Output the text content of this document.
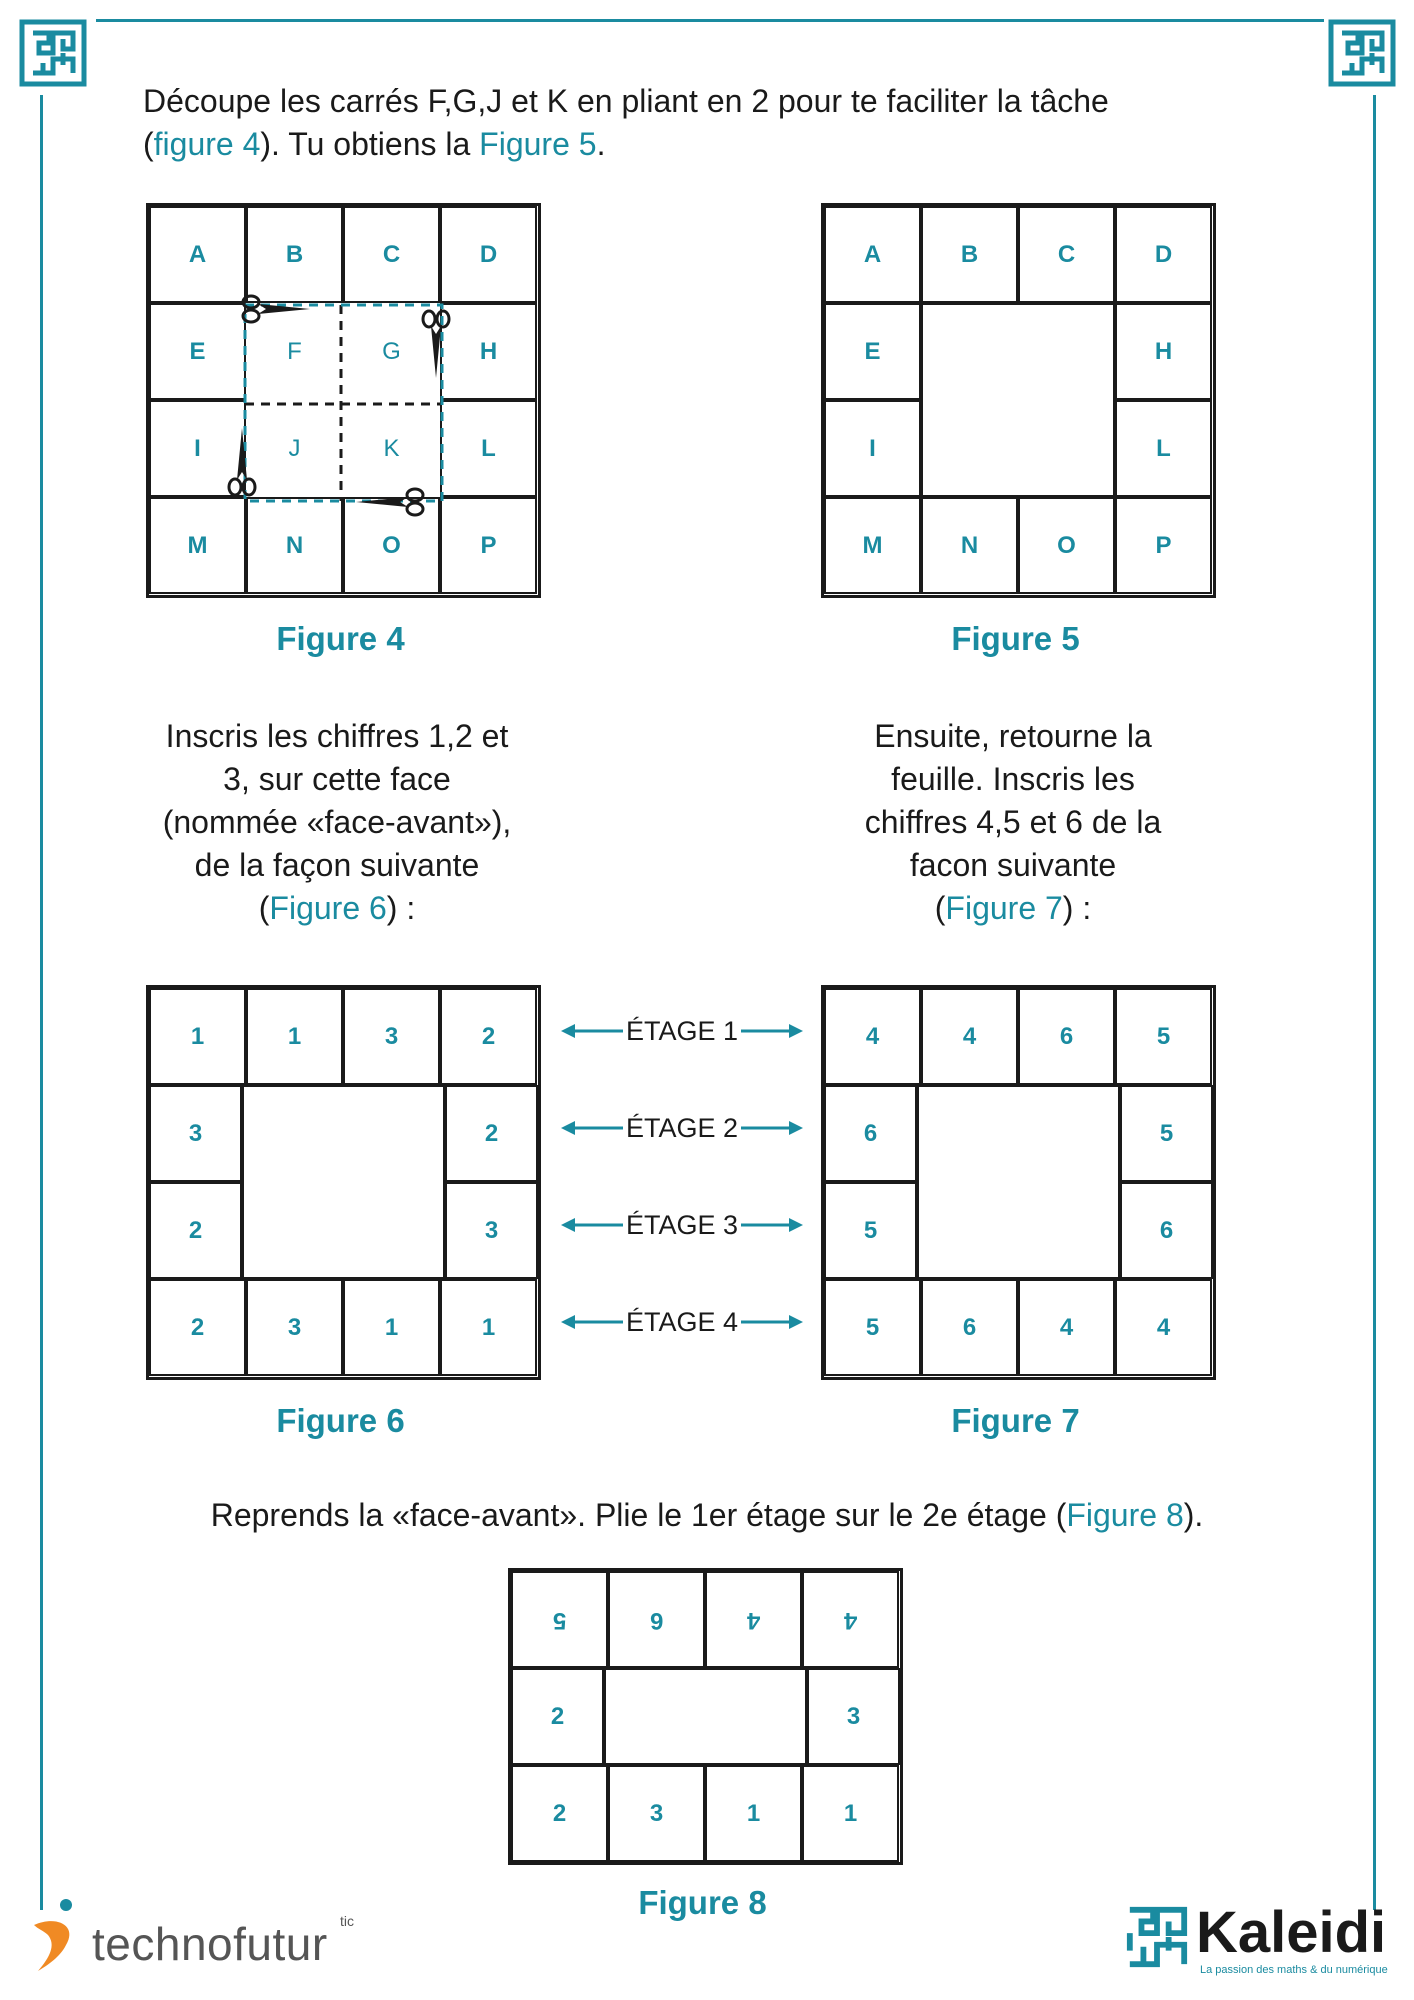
Découpe les carrés F,G,J et K en pliant en 2 pour te faciliter la tâche
(figure 4). Tu obtiens la Figure 5.
A	B	C	D
E	F	G	H
I	J	K	L
M	N	O	P
Figure 4
A	B	C	D
E	H
I	L
M	N	O	P
Figure 5
Inscris les chiffres 1,2 et
3, sur cette face
(nommée «face-avant»),
de la façon suivante
(Figure 6) :
Ensuite, retourne la
feuille. Inscris les
chiffres 4,5 et 6 de la
facon suivante
(Figure 7) :
1	1	3	2
3	2
2	3
2	3	1	1
Figure 6
4	4	6	5
6	5
5	6
5	6	4	4
Figure 7
ÉTAGE 1
ÉTAGE 2
ÉTAGE 3
ÉTAGE 4
Reprends la «face-avant». Plie le 1er étage sur le 2e étage (Figure 8).
5	6	4	4
2	3
2	3	1	1
Figure 8
technofutur tic	Kaleidi
La passion des maths & du numérique
